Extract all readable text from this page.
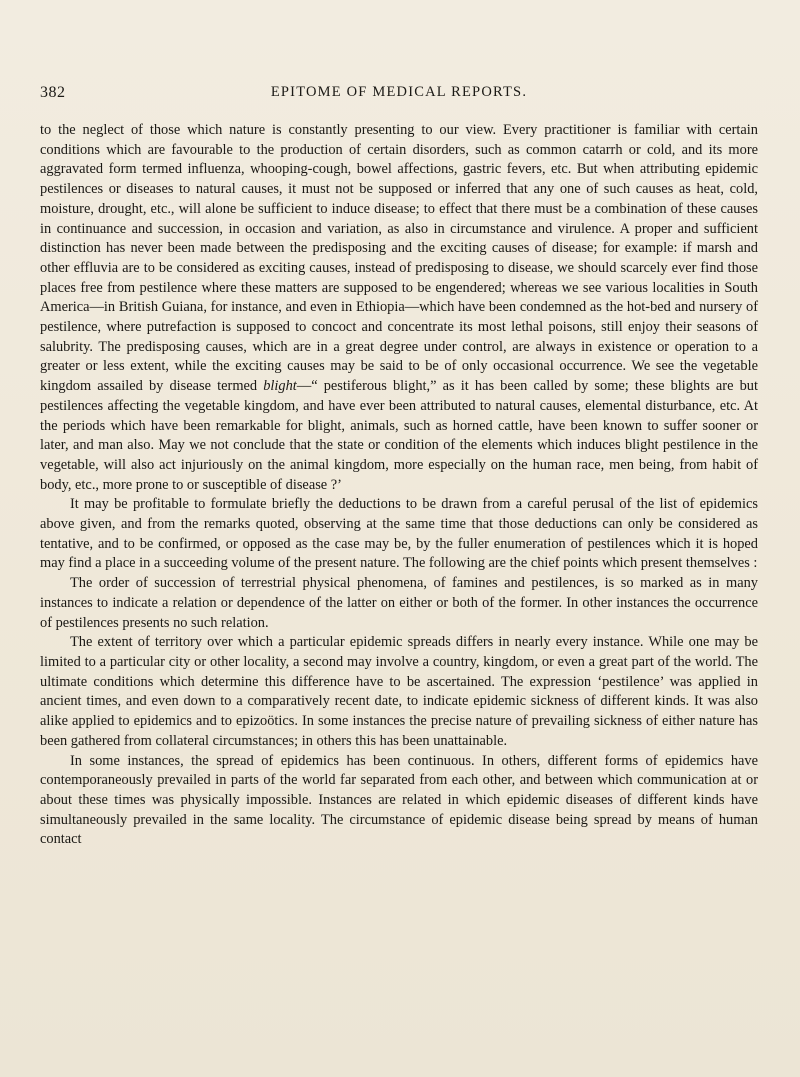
382	EPITOME OF MEDICAL REPORTS.

to the neglect of those which nature is constantly presenting to our view. Every practitioner is familiar with certain conditions which are favourable to the production of certain disorders, such as common catarrh or cold, and its more aggravated form termed influenza, whooping-cough, bowel affections, gastric fevers, etc. But when attributing epidemic pestilences or diseases to natural causes, it must not be supposed or inferred that any one of such causes as heat, cold, moisture, drought, etc., will alone be sufficient to induce disease; to effect that there must be a combination of these causes in continuance and succession, in occasion and variation, as also in circumstance and virulence. A proper and sufficient distinction has never been made between the predisposing and the exciting causes of disease; for example: if marsh and other effluvia are to be considered as exciting causes, instead of predisposing to disease, we should scarcely ever find those places free from pestilence where these matters are supposed to be engendered; whereas we see various localities in South America—in British Guiana, for instance, and even in Ethiopia—which have been condemned as the hot-bed and nursery of pestilence, where putrefaction is supposed to concoct and concentrate its most lethal poisons, still enjoy their seasons of salubrity. The predisposing causes, which are in a great degree under control, are always in existence or operation to a greater or less extent, while the exciting causes may be said to be of only occasional occurrence. We see the vegetable kingdom assailed by disease termed blight—“ pestiferous blight,” as it has been called by some; these blights are but pestilences affecting the vegetable kingdom, and have ever been attributed to natural causes, elemental disturbance, etc. At the periods which have been remarkable for blight, animals, such as horned cattle, have been known to suffer sooner or later, and man also. May we not conclude that the state or condition of the elements which induces blight pestilence in the vegetable, will also act injuriously on the animal kingdom, more especially on the human race, men being, from habit of body, etc., more prone to or susceptible of disease ?’

It may be profitable to formulate briefly the deductions to be drawn from a careful perusal of the list of epidemics above given, and from the remarks quoted, observing at the same time that those deductions can only be considered as tentative, and to be confirmed, or opposed as the case may be, by the fuller enumeration of pestilences which it is hoped may find a place in a succeeding volume of the present nature. The following are the chief points which present themselves :

The order of succession of terrestrial physical phenomena, of famines and pestilences, is so marked as in many instances to indicate a relation or dependence of the latter on either or both of the former. In other instances the occurrence of pestilences presents no such relation.

The extent of territory over which a particular epidemic spreads differs in nearly every instance. While one may be limited to a particular city or other locality, a second may involve a country, kingdom, or even a great part of the world. The ultimate conditions which determine this difference have to be ascertained. The expression ‘pestilence’ was applied in ancient times, and even down to a comparatively recent date, to indicate epidemic sickness of different kinds. It was also alike applied to epidemics and to epizoötics. In some instances the precise nature of prevailing sickness of either nature has been gathered from collateral circumstances; in others this has been unattainable.

In some instances, the spread of epidemics has been continuous. In others, different forms of epidemics have contemporaneously prevailed in parts of the world far separated from each other, and between which communication at or about these times was physically impossible. Instances are related in which epidemic diseases of different kinds have simultaneously prevailed in the same locality. The circumstance of epidemic disease being spread by means of human contact
